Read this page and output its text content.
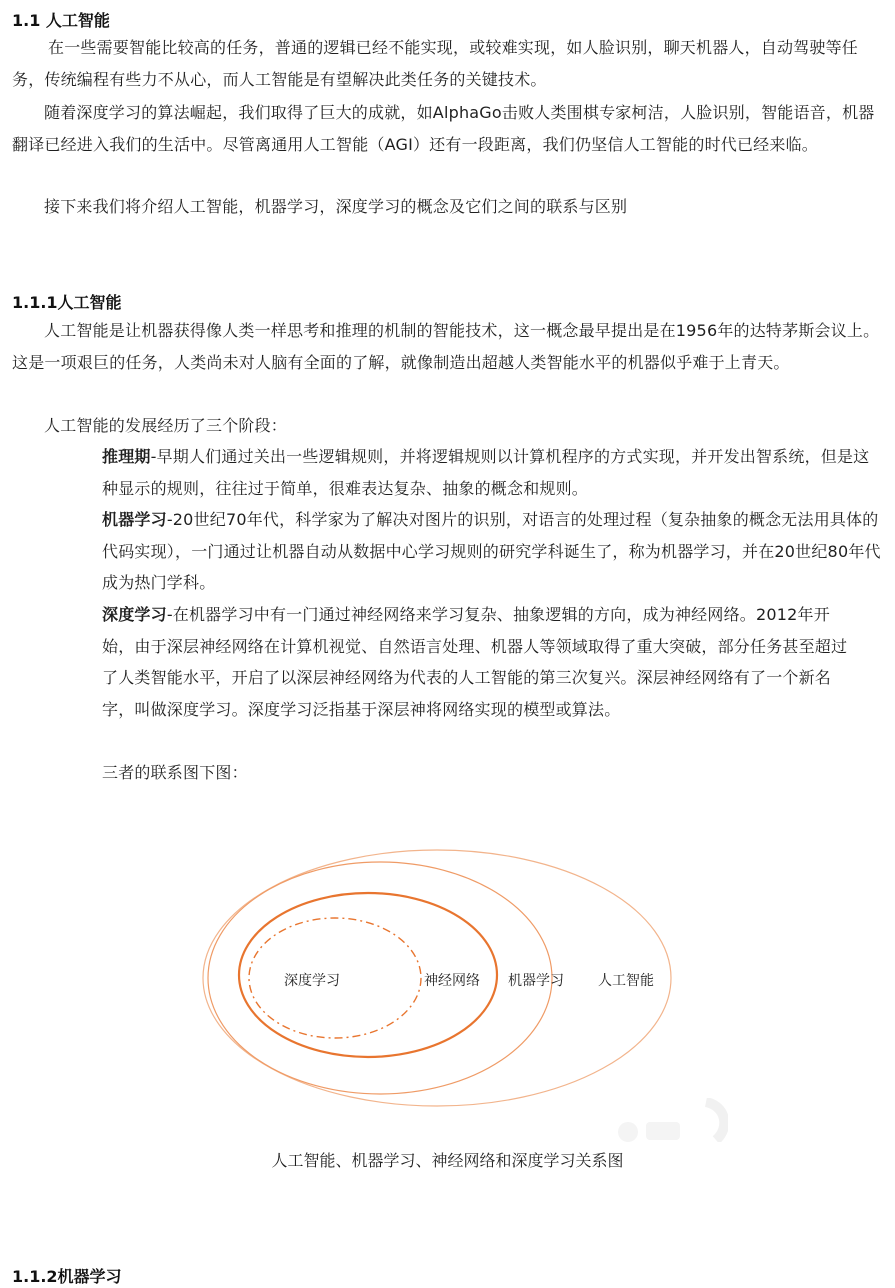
1.1 人工智能

在一些需要智能比较高的任务，普通的逻辑已经不能实现，或较难实现，如人脸识别，聊天机器人，自动驾驶等任务，传统编程有些力不从心，而人工智能是有望解决此类任务的关键技术。

随着深度学习的算法崛起，我们取得了巨大的成就，如AlphaGo击败人类围棋专家柯洁，人脸识别，智能语音，机器翻译已经进入我们的生活中。尽管离通用人工智能（AGI）还有一段距离，我们仍坚信人工智能的时代已经来临。

接下来我们将介绍人工智能，机器学习，深度学习的概念及它们之间的联系与区别

1.1.1人工智能

人工智能是让机器获得像人类一样思考和推理的机制的智能技术，这一概念最早提出是在1956年的达特茅斯会议上。这是一项艰巨的任务，人类尚未对人脑有全面的了解，就像制造出超越人类智能水平的机器似乎难于上青天。

人工智能的发展经历了三个阶段：

推理期-早期人们通过关出一些逻辑规则，并将逻辑规则以计算机程序的方式实现，并开发出智系统，但是这种显示的规则，往往过于简单，很难表达复杂、抽象的概念和规则。

机器学习-20世纪70年代，科学家为了解决对图片的识别，对语言的处理过程（复杂抽象的概念无法用具体的代码实现），一门通过让机器自动从数据中心学习规则的研究学科诞生了，称为机器学习，并在20世纪80年代成为热门学科。

深度学习-在机器学习中有一门通过神经网络来学习复杂、抽象逻辑的方向，成为神经网络。2012年开始，由于深层神经网络在计算机视觉、自然语言处理、机器人等领域取得了重大突破，部分任务甚至超过了人类智能水平，开启了以深层神经网络为代表的人工智能的第三次复兴。深层神经网络有了一个新名字，叫做深度学习。深度学习泛指基于深层神将网络实现的模型或算法。

三者的联系图下图：

深度学习	神经网络 机器学习 人工智能
人工智能、机器学习、神经网络和深度学习关系图
1.1.2机器学习
